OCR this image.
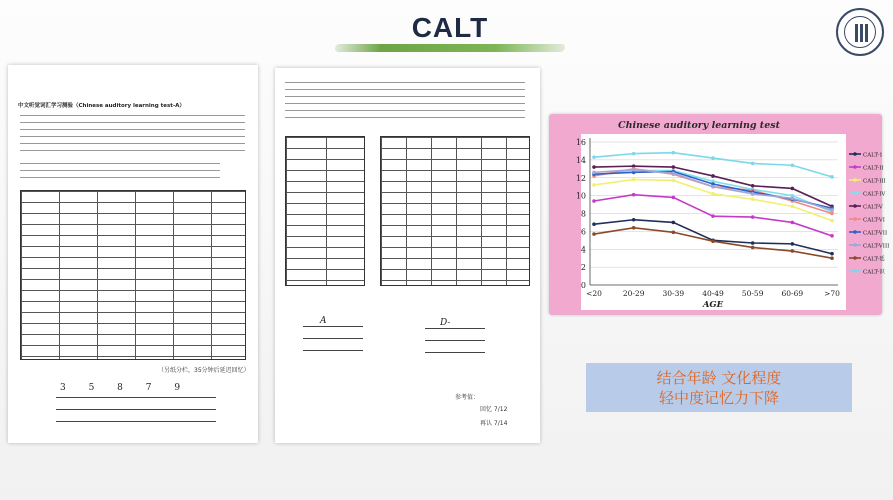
CALT
中文听觉词汇学习测验（Chinese auditory learning test-A）
（另纸分栏，35分钟后延迟回忆）
3 5 8 7 9
A	D-
参考值：
回忆 7/12
再认 7/14
Chinese auditory learning test
0
2
4
6
8
10
12
14
16
<20	20-29 30-39 40-49 50-59 60-69	>70
AGE
CALT-1
CALT-II
CALT-III
CALT-IV
CALT-V
CALT-VI
CALT-VII
CALT-VIII
CALT-延
CALT-识
结合年龄 文化程度
轻中度记忆力下降
